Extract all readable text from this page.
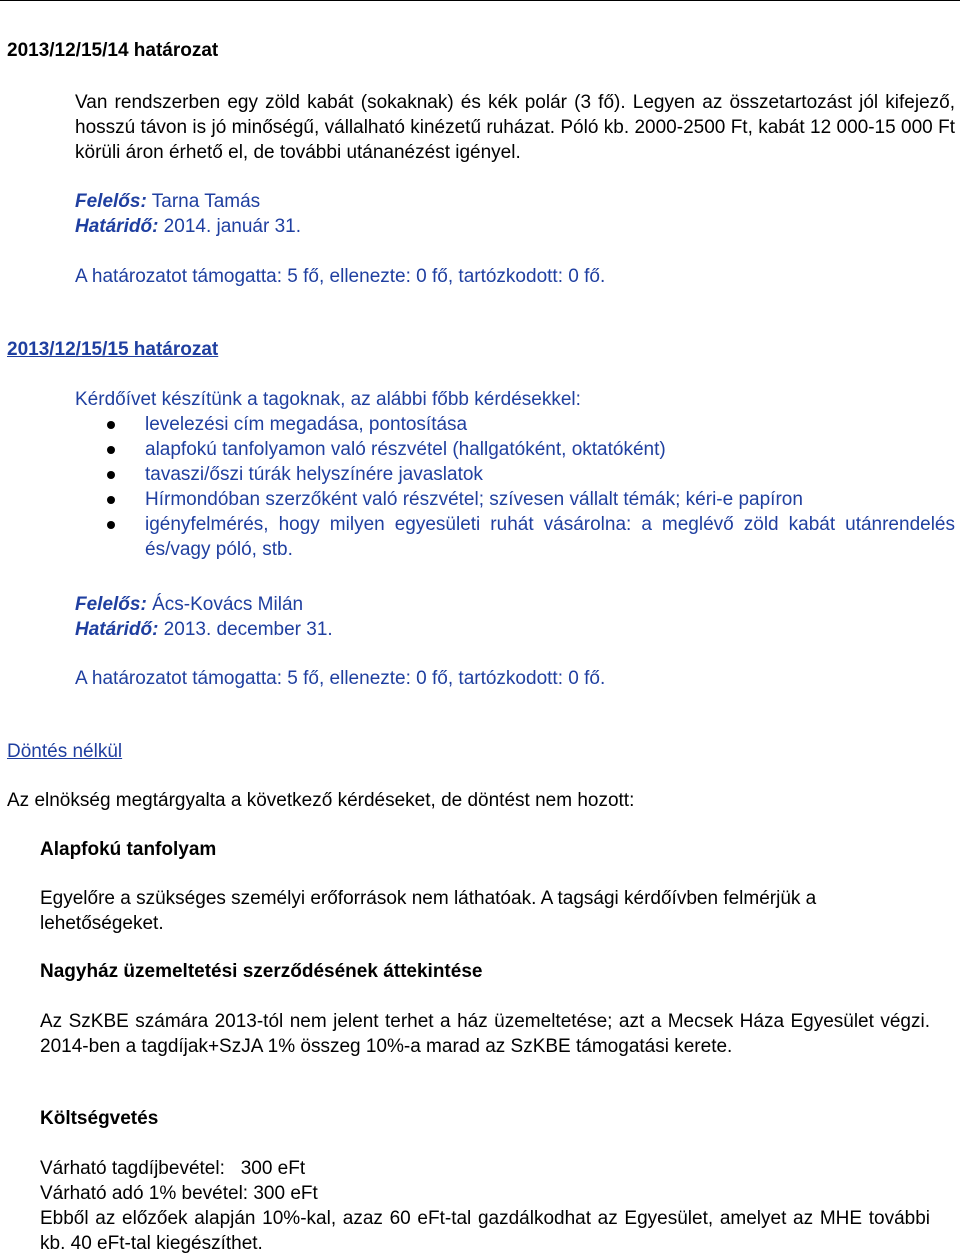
2013/12/15/14 határozat
Van rendszerben egy zöld kabát (sokaknak) és kék polár (3 fő). Legyen az összetartozást jól kifejező, hosszú távon is jó minőségű, vállalható kinézetű ruházat. Póló kb. 2000-2500 Ft, kabát 12 000-15 000 Ft körüli áron érhető el, de további utánanézést igényel.
Felelős: Tarna Tamás
Határidő: 2014. január 31.
A határozatot támogatta: 5 fő, ellenezte: 0 fő, tartózkodott: 0 fő.
2013/12/15/15 határozat
Kérdőívet készítünk a tagoknak, az alábbi főbb kérdésekkel:
levelezési cím megadása, pontosítása
alapfokú tanfolyamon való részvétel (hallgatóként, oktatóként)
tavaszi/őszi túrák helyszínére javaslatok
Hírmondóban szerzőként való részvétel; szívesen vállalt témák; kéri-e papíron
igényfelmérés, hogy milyen egyesületi ruhát vásárolna: a meglévő zöld kabát utánrendelés és/vagy póló, stb.
Felelős: Ács-Kovács Milán
Határidő: 2013. december 31.
A határozatot támogatta: 5 fő, ellenezte: 0 fő, tartózkodott: 0 fő.
Döntés nélkül
Az elnökség megtárgyalta a következő kérdéseket, de döntést nem hozott:
Alapfokú tanfolyam
Egyelőre a szükséges személyi erőforrások nem láthatóak. A tagsági kérdőívben felmérjük a lehetőségeket.
Nagyház üzemeltetési szerződésének áttekintése
Az SzKBE számára 2013-tól nem jelent terhet a ház üzemeltetése; azt a Mecsek Háza Egyesület végzi. 2014-ben a tagdíjak+SzJA 1% összeg 10%-a marad az SzKBE támogatási kerete.
Költségvetés
Várható tagdíjbevétel:   300 eFt
Várható adó 1% bevétel: 300 eFt
Ebből az előzőek alapján 10%-kal, azaz 60 eFt-tal gazdálkodhat az Egyesület, amelyet az MHE további kb. 40 eFt-tal kiegészíthet.
